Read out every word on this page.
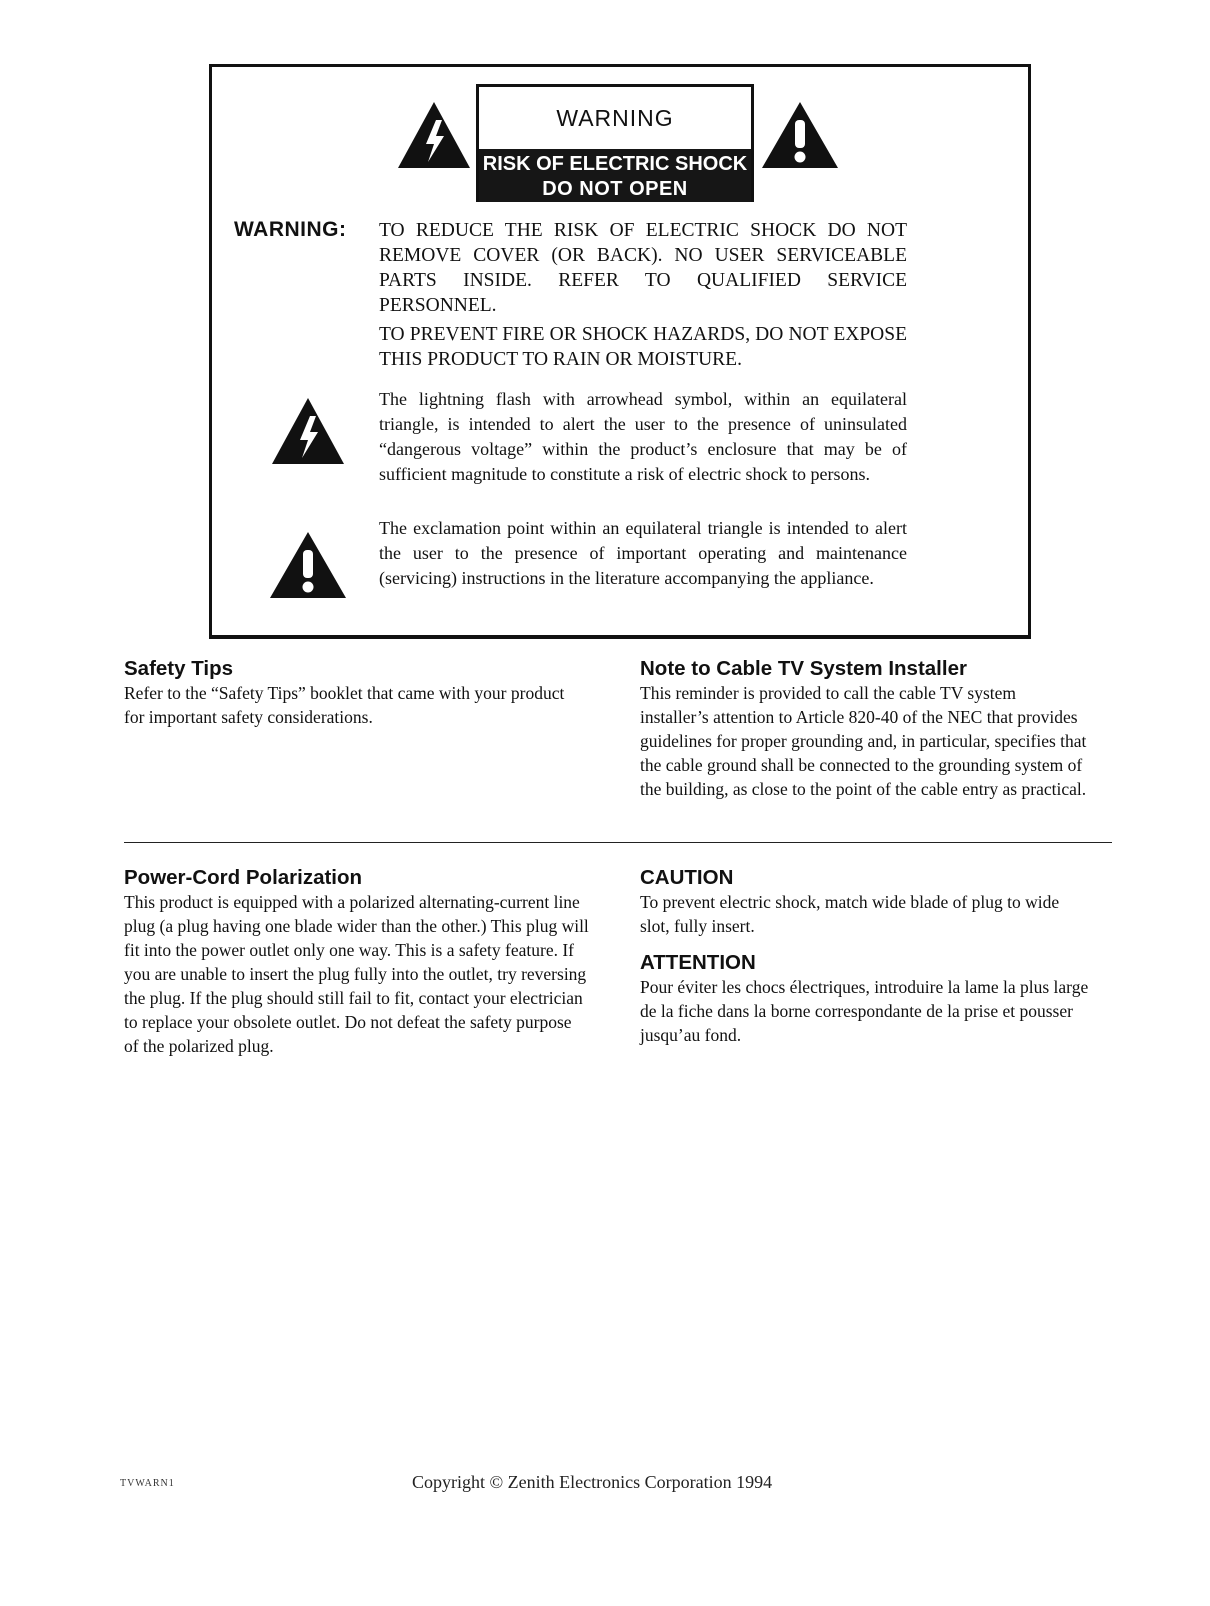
WARNING
RISK OF ELECTRIC SHOCK
DO NOT OPEN
WARNING: TO REDUCE THE RISK OF ELECTRIC SHOCK DO NOT REMOVE COVER (OR BACK). NO USER SERVICEABLE PARTS INSIDE. REFER TO QUALIFIED SERVICE PERSONNEL.
TO PREVENT FIRE OR SHOCK HAZARDS, DO NOT EXPOSE THIS PRODUCT TO RAIN OR MOISTURE.
The lightning flash with arrowhead symbol, within an equilateral triangle, is intended to alert the user to the presence of uninsulated “dangerous voltage” within the product’s enclosure that may be of sufficient magnitude to constitute a risk of electric shock to persons.
The exclamation point within an equilateral triangle is intended to alert the user to the presence of important operating and maintenance (servicing) instructions in the literature accompanying the appliance.
Safety Tips

Refer to the “Safety Tips” booklet that came with your product for important safety considerations.

Note to Cable TV System Installer

This reminder is provided to call the cable TV system installer’s attention to Article 820-40 of the NEC that provides guidelines for proper grounding and, in particular, specifies that the cable ground shall be connected to the grounding system of the building, as close to the point of the cable entry as practical.

Power-Cord Polarization

This product is equipped with a polarized alternating-current line plug (a plug having one blade wider than the other.) This plug will fit into the power outlet only one way. This is a safety feature. If you are unable to insert the plug fully into the outlet, try reversing the plug. If the plug should still fail to fit, contact your electrician to replace your obsolete outlet. Do not defeat the safety purpose of the polarized plug.

CAUTION

To prevent electric shock, match wide blade of plug to wide slot, fully insert.

ATTENTION

Pour éviter les chocs électriques, introduire la lame la plus large de la fiche dans la borne correspondante de la prise et pousser jusqu’au fond.

TVWARN1	Copyright © Zenith Electronics Corporation 1994
